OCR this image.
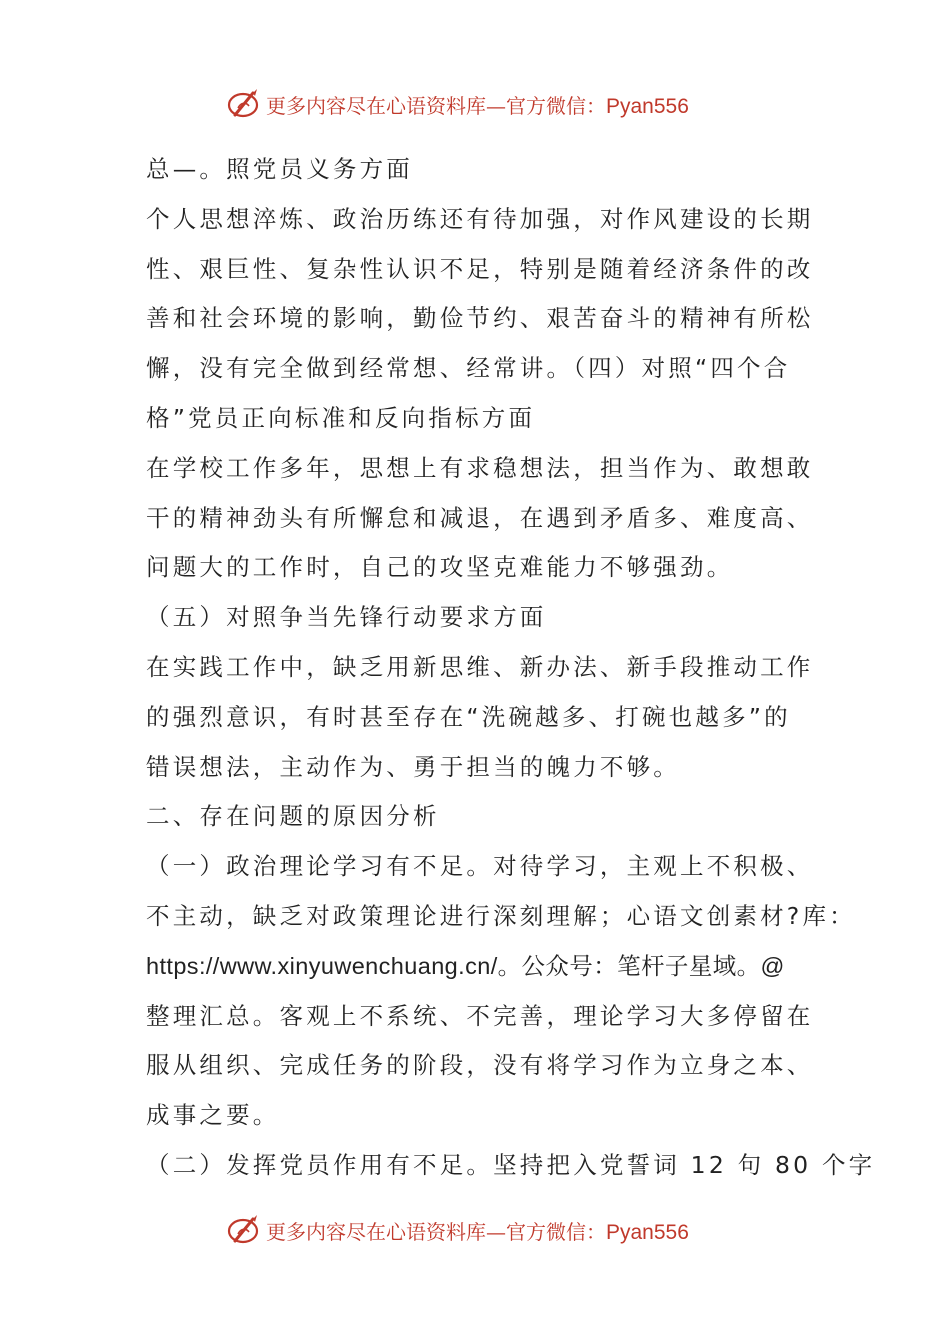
更多内容尽在心语资料库—官方微信：Pyan556
总—。照党员义务方面
个人思想淬炼、政治历练还有待加强，对作风建设的长期
性、艰巨性、复杂性认识不足，特别是随着经济条件的改
善和社会环境的影响，勤俭节约、艰苦奋斗的精神有所松
懈，没有完全做到经常想、经常讲。（四）对照“四个合
格”党员正向标准和反向指标方面
在学校工作多年，思想上有求稳想法，担当作为、敢想敢
干的精神劲头有所懈怠和减退，在遇到矛盾多、难度高、
问题大的工作时，自己的攻坚克难能力不够强劲。
（五）对照争当先锋行动要求方面
在实践工作中，缺乏用新思维、新办法、新手段推动工作
的强烈意识，有时甚至存在“洗碗越多、打碗也越多”的
错误想法，主动作为、勇于担当的魄力不够。
二、存在问题的原因分析
（一）政治理论学习有不足。对待学习，主观上不积极、
不主动，缺乏对政策理论进行深刻理解；心语文创素材?库：
https://www.xinyuwenchuang.cn/。公众号：笔杆子星域。@
整理汇总。客观上不系统、不完善，理论学习大多停留在
服从组织、完成任务的阶段，没有将学习作为立身之本、
成事之要。
（二）发挥党员作用有不足。坚持把入党誓词 12 句 80 个字
更多内容尽在心语资料库—官方微信：Pyan556
